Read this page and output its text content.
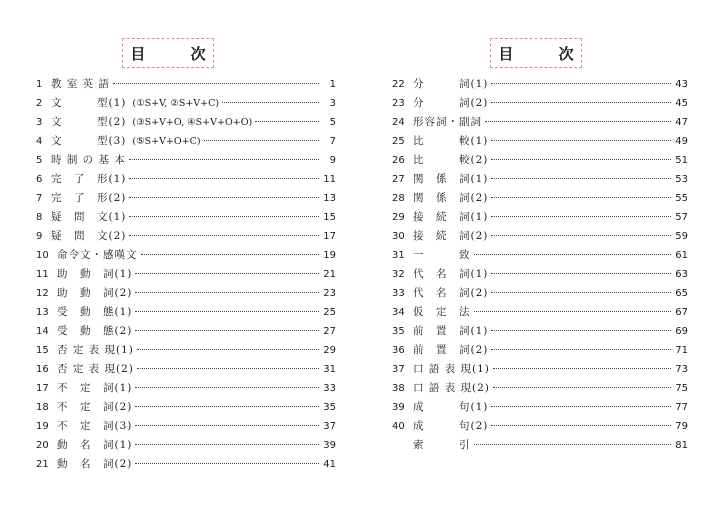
目 次	目 次
1 教 室 英 語	1
2 文　　　型(1) (①S+V, ②S+V+C)	3
3 文　　　型(2) (③S+V+O, ④S+V+O+O)	5
4 文　　　型(3) (⑤S+V+O+C)	7
5 時 制 の 基 本	9
6 完　了　形(1)	11
7 完　了　形(2)	13
8 疑　問　文(1)	15
9 疑　問　文(2)	17
10 命令文・感嘆文	19
11 助　動　詞(1)	21
12 助　動　詞(2)	23
13 受　動　態(1)	25
14 受　動　態(2)	27
15 否 定 表 現(1)	29
16 否 定 表 現(2)	31
17 不　定　詞(1)	33
18 不　定　詞(2)	35
19 不　定　詞(3)	37
20 動　名　詞(1)	39
21 動　名　詞(2)	41
22 分　　　詞(1)	43
23 分　　　詞(2)	45
24 形容詞・副詞	47
25 比　　　較(1)	49
26 比　　　較(2)	51
27 関　係　詞(1)	53
28 関　係　詞(2)	55
29 接　続　詞(1)	57
30 接　続　詞(2)	59
31 一　　　致	61
32 代　名　詞(1)	63
33 代　名　詞(2)	65
34 仮　定　法	67
35 前　置　詞(1)	69
36 前　置　詞(2)	71
37 口 語 表 現(1)	73
38 口 語 表 現(2)	75
39 成　　　句(1)	77
40 成　　　句(2)	79
索　　　引	81
